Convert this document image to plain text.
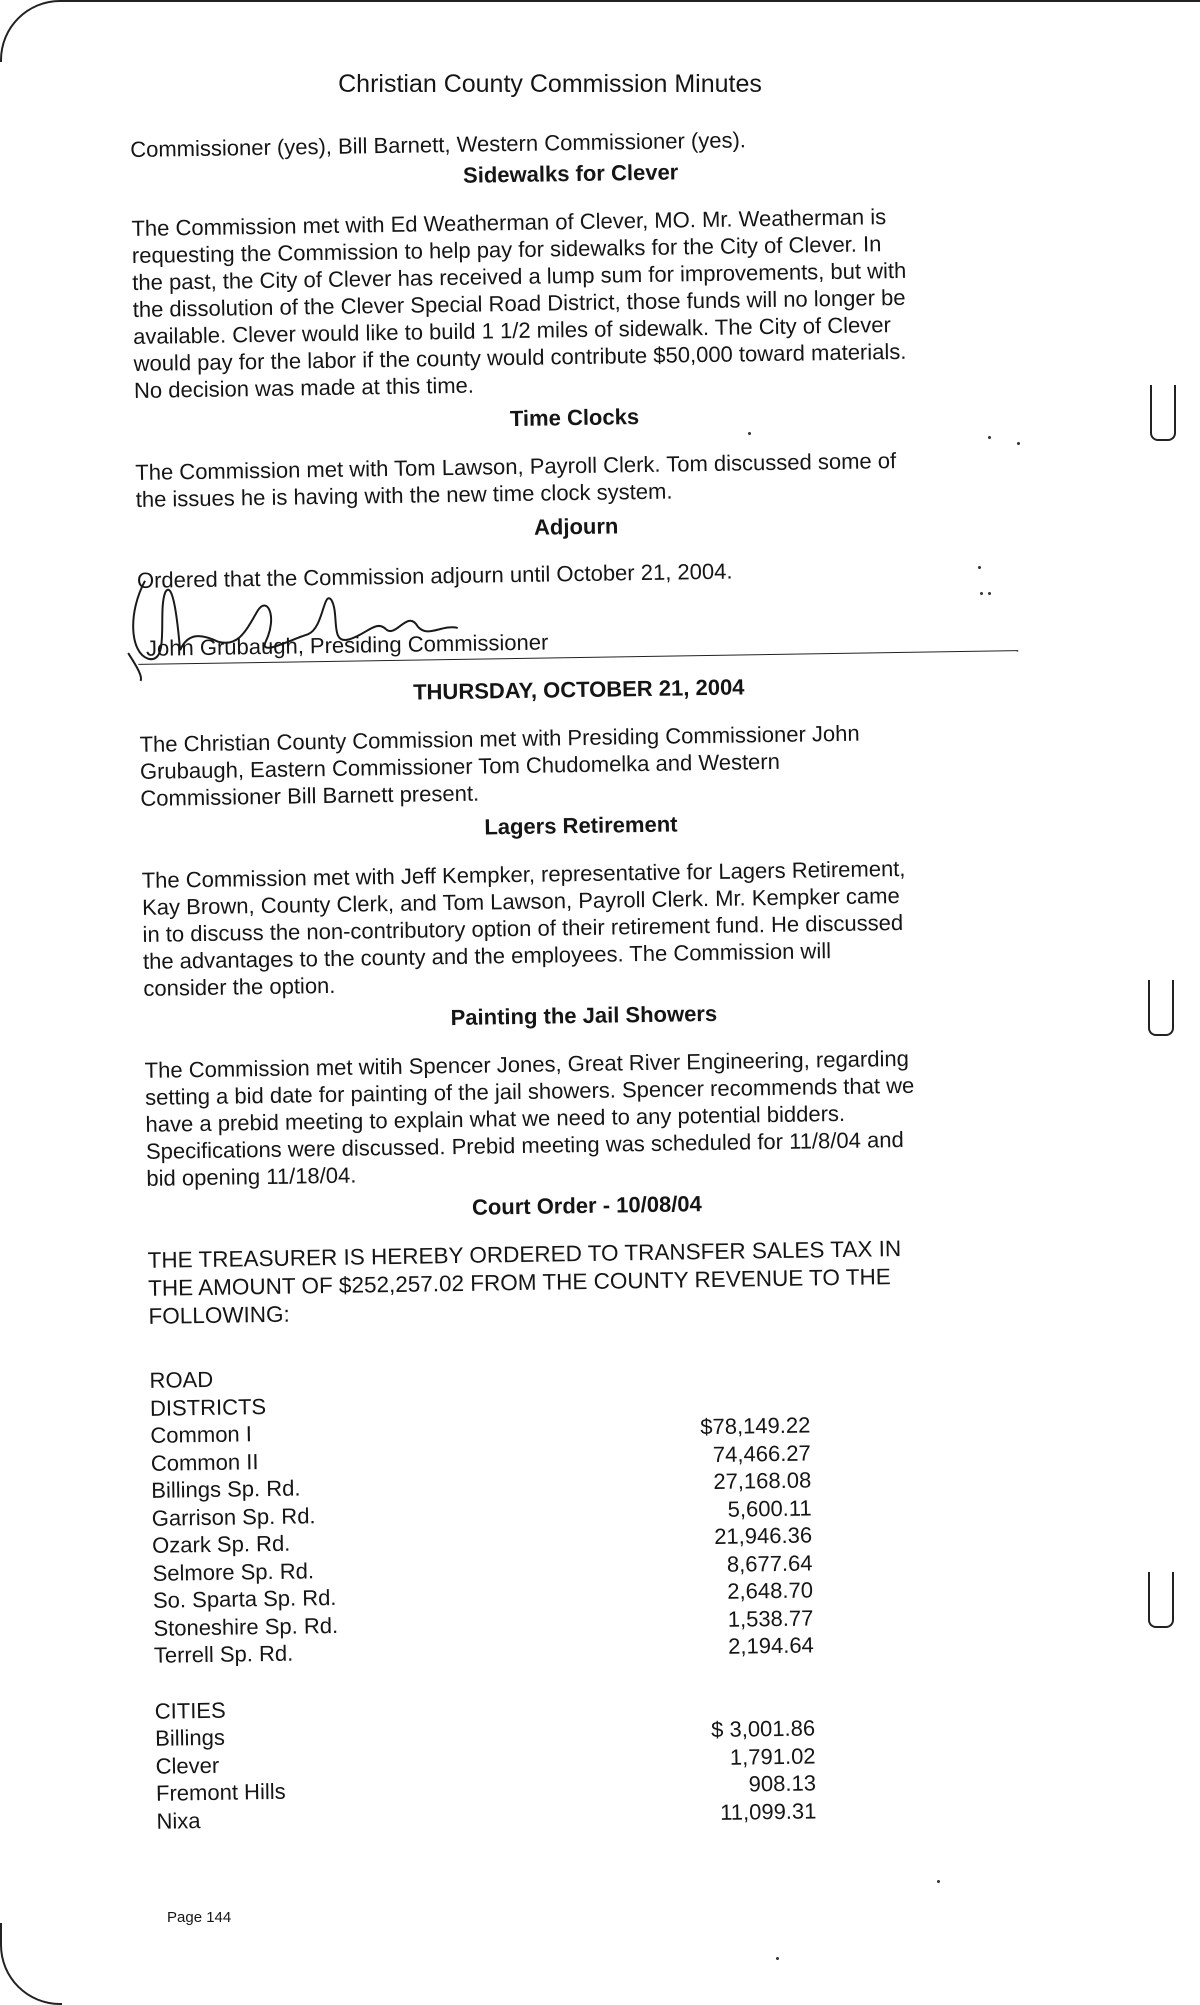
Christian County Commission Minutes
Commissioner (yes), Bill Barnett, Western Commissioner (yes).
Sidewalks for Clever
The Commission met with Ed Weatherman of Clever, MO. Mr. Weatherman is
requesting the Commission to help pay for sidewalks for the City of Clever. In
the past, the City of Clever has received a lump sum for improvements, but with
the dissolution of the Clever Special Road District, those funds will no longer be
available. Clever would like to build 1 1/2 miles of sidewalk. The City of Clever
would pay for the labor if the county would contribute $50,000 toward materials.
No decision was made at this time.
Time Clocks
The Commission met with Tom Lawson, Payroll Clerk. Tom discussed some of
the issues he is having with the new time clock system.
Adjourn
Ordered that the Commission adjourn until October 21, 2004.
John Grubaugh, Presiding Commissioner
THURSDAY, OCTOBER 21, 2004
The Christian County Commission met with Presiding Commissioner John
Grubaugh, Eastern Commissioner Tom Chudomelka and Western
Commissioner Bill Barnett present.
Lagers Retirement
The Commission met with Jeff Kempker, representative for Lagers Retirement,
Kay Brown, County Clerk, and Tom Lawson, Payroll Clerk. Mr. Kempker came
in to discuss the non-contributory option of their retirement fund. He discussed
the advantages to the county and the employees. The Commission will
consider the option.
Painting the Jail Showers
The Commission met witih Spencer Jones, Great River Engineering, regarding
setting a bid date for painting of the jail showers. Spencer recommends that we
have a prebid meeting to explain what we need to any potential bidders.
Specifications were discussed. Prebid meeting was scheduled for 11/8/04 and
bid opening 11/18/04.
Court Order - 10/08/04
THE TREASURER IS HEREBY ORDERED TO TRANSFER SALES TAX IN
THE AMOUNT OF $252,257.02 FROM THE COUNTY REVENUE TO THE
FOLLOWING:
ROAD
DISTRICTS
Common I	$78,149.22
Common II	74,466.27
Billings Sp. Rd.	27,168.08
Garrison Sp. Rd.	5,600.11
Ozark Sp. Rd.	21,946.36
Selmore Sp. Rd.	8,677.64
So. Sparta Sp. Rd.	2,648.70
Stoneshire Sp. Rd.	1,538.77
Terrell Sp. Rd.	2,194.64
CITIES
Billings	$ 3,001.86
Clever	1,791.02
Fremont Hills	908.13
Nixa	11,099.31
Page 144
